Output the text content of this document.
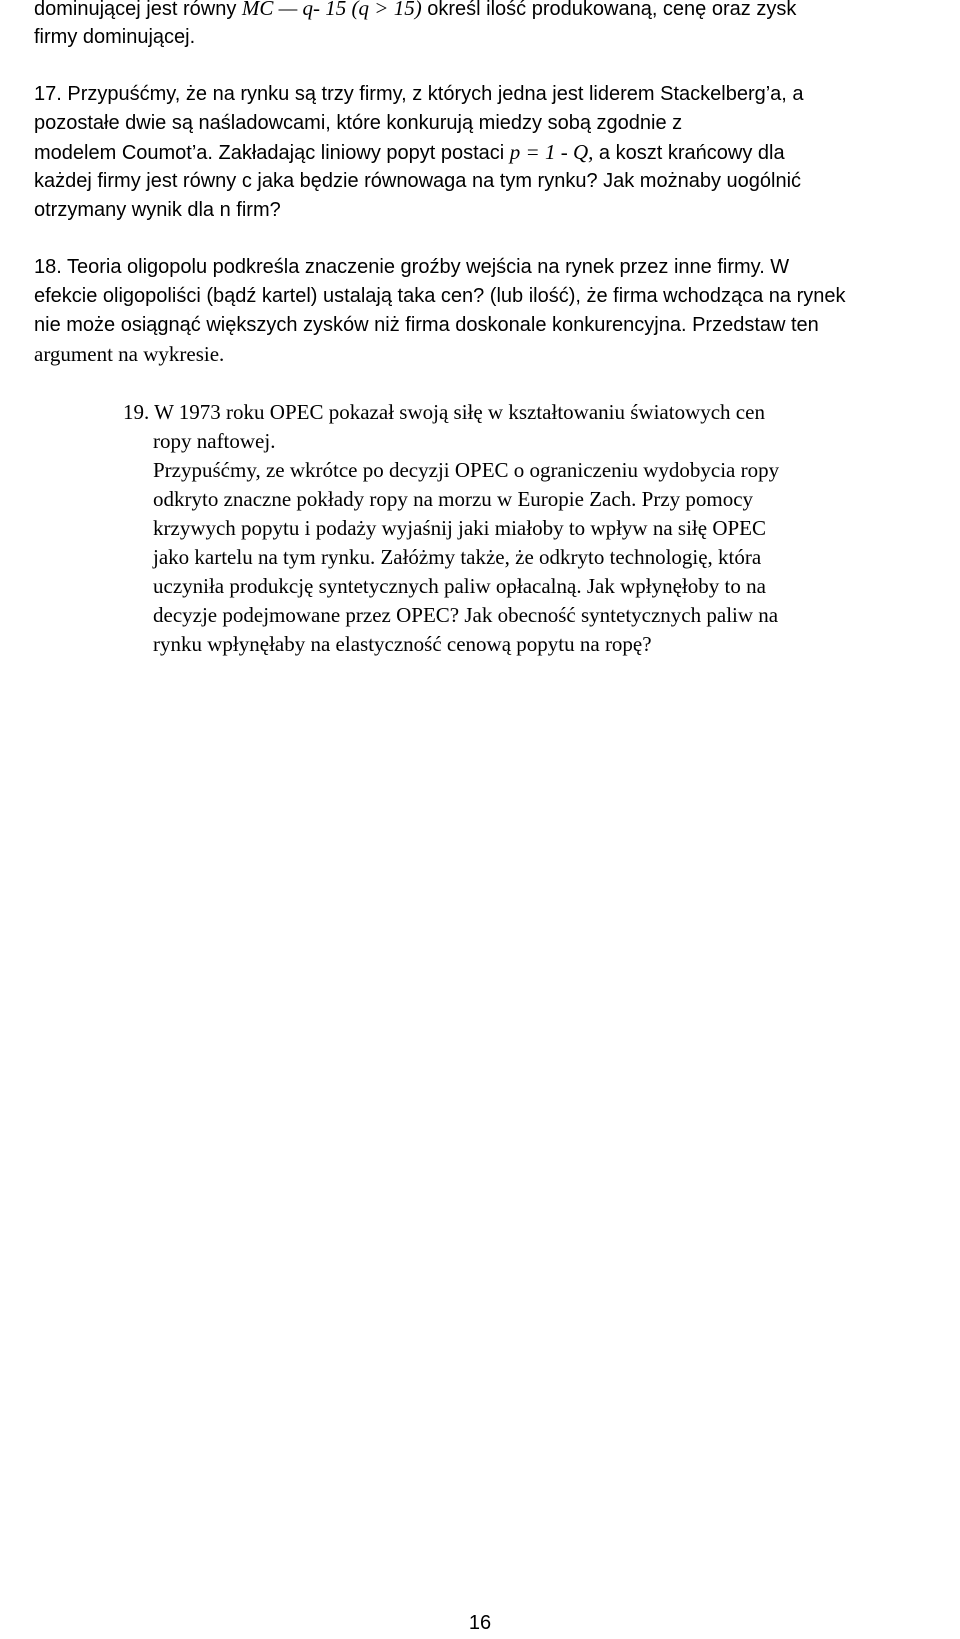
dominującej jest równy MC — q- 15 (q > 15) określ ilość produkowaną, cenę oraz zysk
firmy dominującej.
17. Przypuśćmy, że na rynku są trzy firmy, z których jedna jest liderem Stackelberg’a, a
pozostałe dwie są naśladowcami, które konkurują miedzy sobą zgodnie z
modelem Coumot’a. Zakładając liniowy popyt postaci p = 1 - Q, a koszt krańcowy dla
każdej firmy jest równy c jaka będzie równowaga na tym rynku? Jak możnaby uogólnić
otrzymany wynik dla n firm?
18. Teoria oligopolu podkreśla znaczenie groźby wejścia na rynek przez inne firmy. W
efekcie oligopoliści (bądź kartel) ustalają taka cen? (lub ilość), że firma wchodząca na rynek
nie może osiągnąć większych zysków niż firma doskonale konkurencyjna. Przedstaw ten
argument na wykresie.
19. W 1973 roku OPEC pokazał swoją siłę w kształtowaniu światowych cen
ropy naftowej.
Przypuśćmy, ze wkrótce po decyzji OPEC o ograniczeniu wydobycia ropy
odkryto znaczne pokłady ropy na morzu w Europie Zach. Przy pomocy
krzywych popytu i podaży wyjaśnij jaki miałoby to wpływ na siłę OPEC
jako kartelu na tym rynku. Załóżmy także, że odkryto technologię, która
uczyniła produkcję syntetycznych paliw opłacalną. Jak wpłynęłoby to na
decyzje podejmowane przez OPEC? Jak obecność syntetycznych paliw na
rynku wpłynęłaby na elastyczność cenową popytu na ropę?
16
